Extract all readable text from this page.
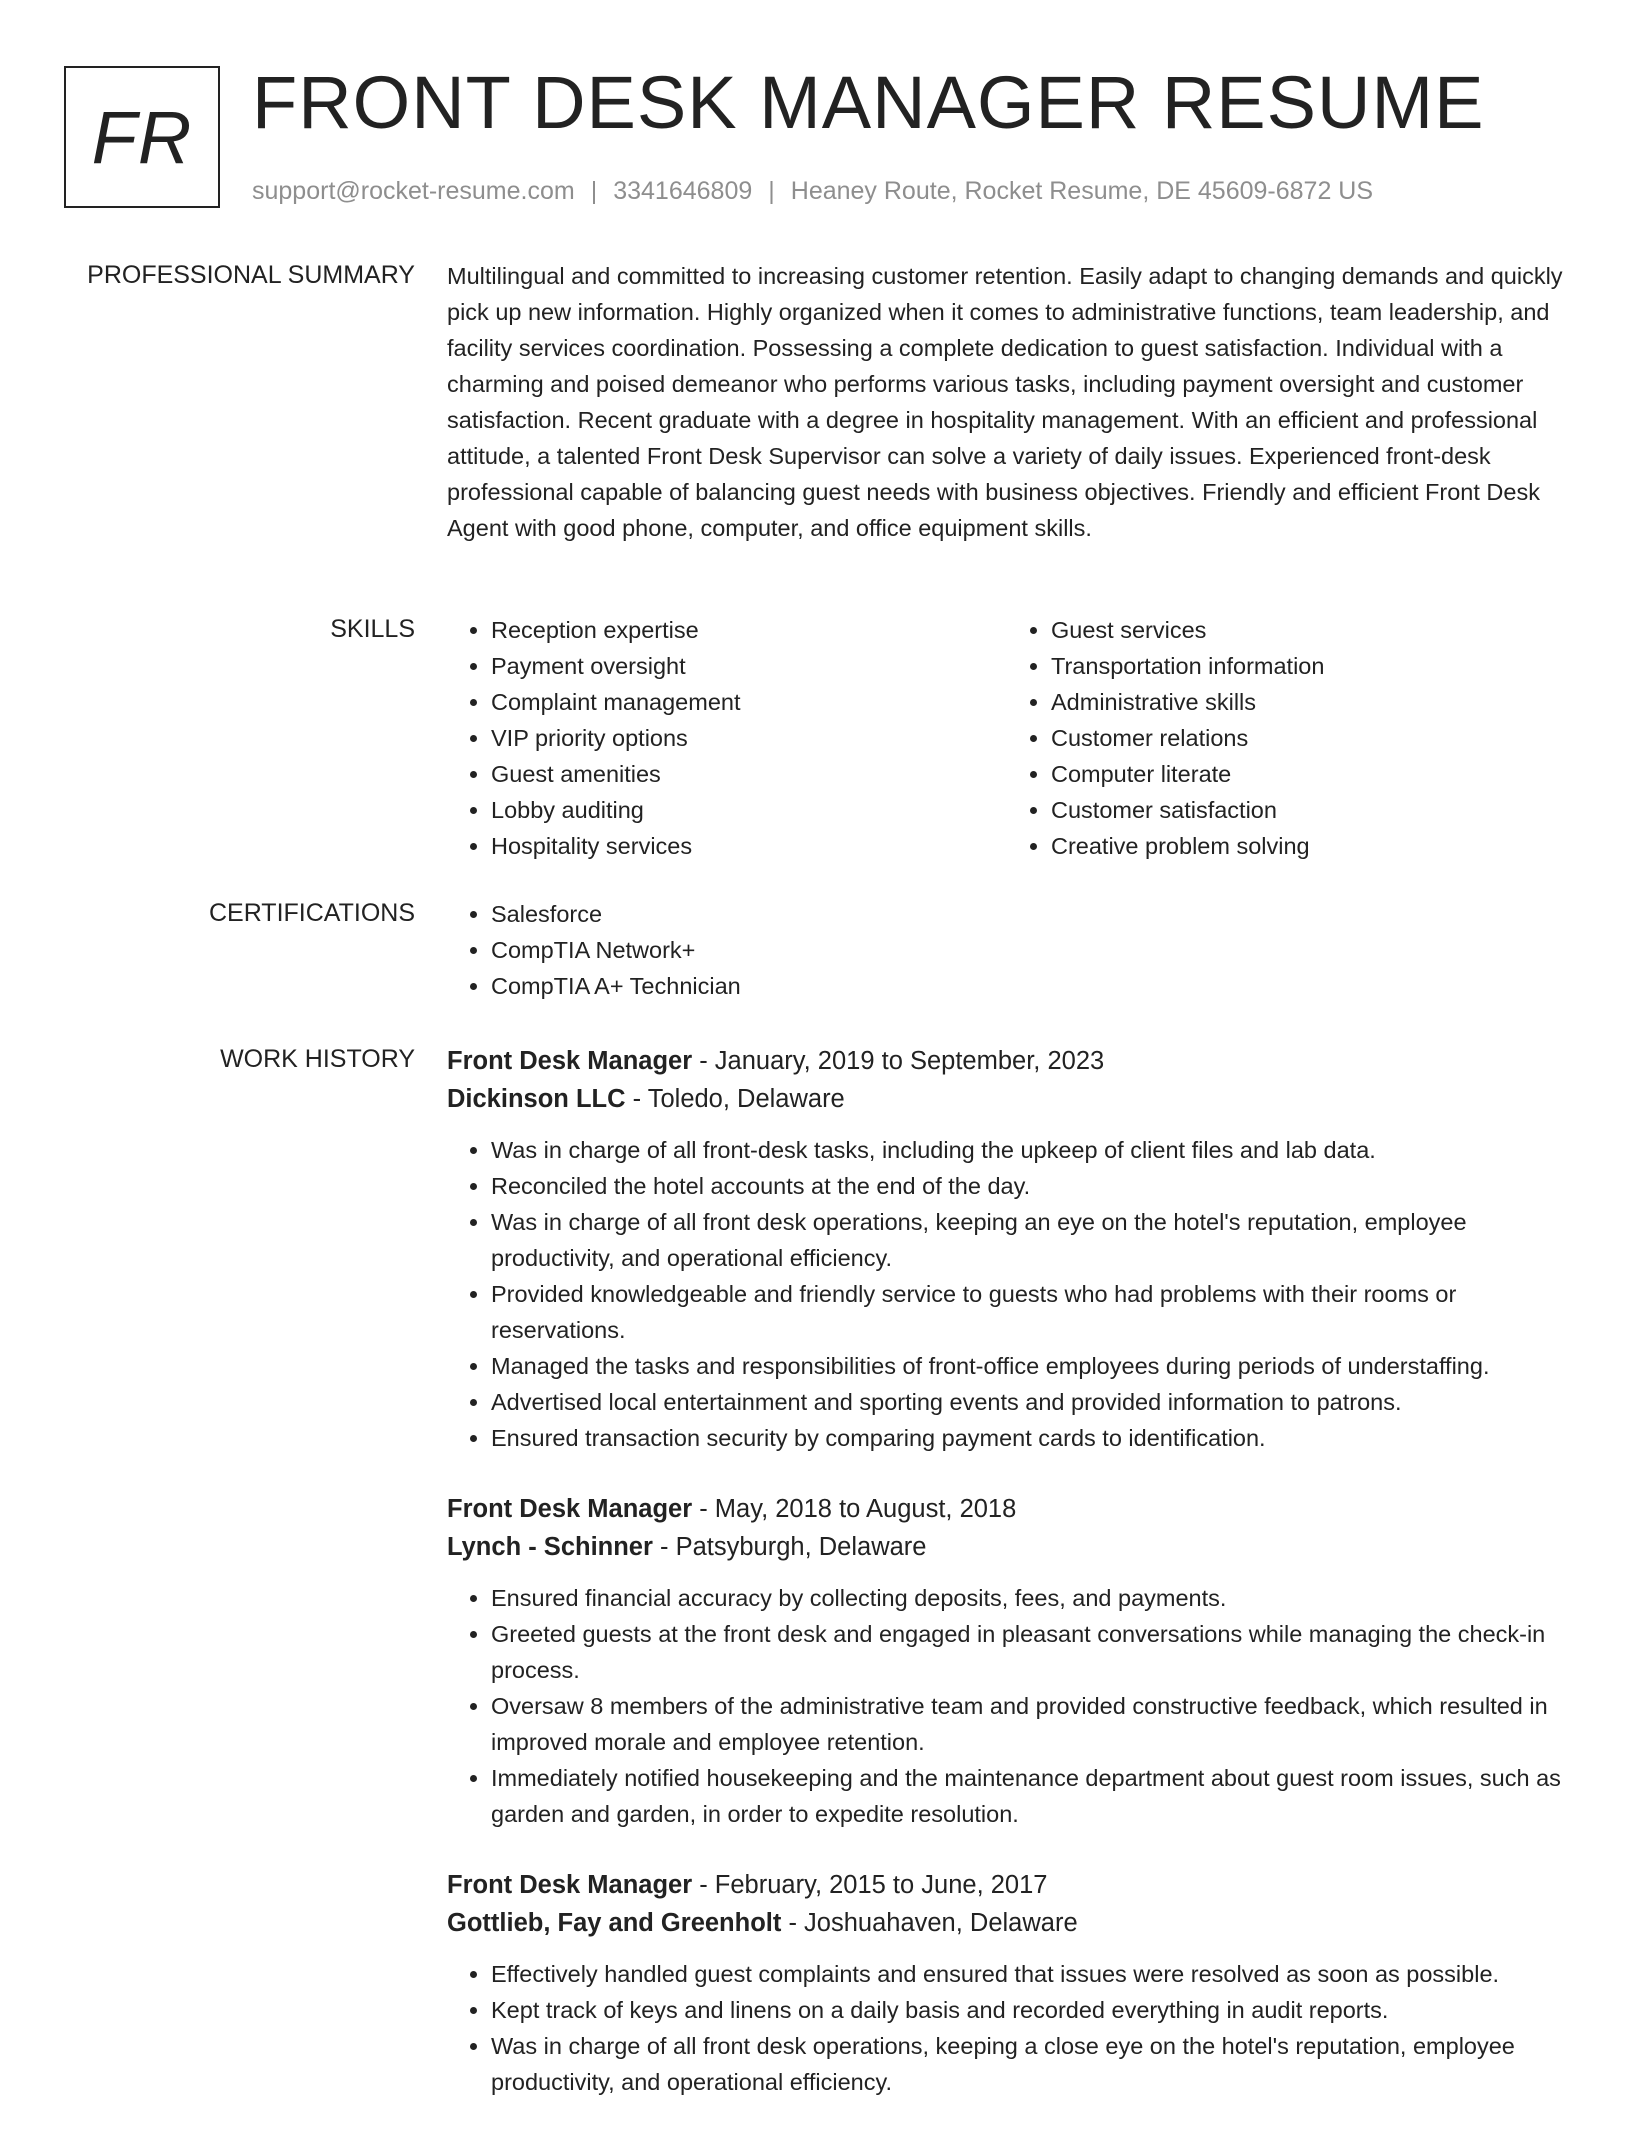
FR FRONT DESK MANAGER RESUME
support@rocket-resume.com | 3341646809 | Heaney Route, Rocket Resume, DE 45609-6872 US
PROFESSIONAL SUMMARY Multilingual and committed to increasing customer retention. Easily adapt to changing demands and quickly pick up new information. Highly organized when it comes to administrative functions, team leadership, and facility services coordination. Possessing a complete dedication to guest satisfaction. Individual with a charming and poised demeanor who performs various tasks, including payment oversight and customer satisfaction. Recent graduate with a degree in hospitality management. With an efficient and professional attitude, a talented Front Desk Supervisor can solve a variety of daily issues. Experienced front-desk professional capable of balancing guest needs with business objectives. Friendly and efficient Front Desk Agent with good phone, computer, and office equipment skills.

SKILLS	• Reception expertise
• Payment oversight
• Complaint management
• VIP priority options
• Guest amenities
• Lobby auditing
• Hospitality services
• Guest services
• Transportation information
• Administrative skills
• Customer relations
• Computer literate
• Customer satisfaction
• Creative problem solving
CERTIFICATIONS	• Salesforce
• CompTIA Network+
• CompTIA A+ Technician
WORK HISTORY Front Desk Manager - January, 2019 to September, 2023
Dickinson LLC - Toledo, Delaware
• Was in charge of all front-desk tasks, including the upkeep of client files and lab data.
• Reconciled the hotel accounts at the end of the day.
• Was in charge of all front desk operations, keeping an eye on the hotel's reputation, employee productivity, and operational efficiency.
• Provided knowledgeable and friendly service to guests who had problems with their rooms or reservations.
• Managed the tasks and responsibilities of front-office employees during periods of understaffing.
• Advertised local entertainment and sporting events and provided information to patrons.
• Ensured transaction security by comparing payment cards to identification.
Front Desk Manager - May, 2018 to August, 2018
Lynch - Schinner - Patsyburgh, Delaware
• Ensured financial accuracy by collecting deposits, fees, and payments.
• Greeted guests at the front desk and engaged in pleasant conversations while managing the check-in process.
• Oversaw 8 members of the administrative team and provided constructive feedback, which resulted in improved morale and employee retention.
• Immediately notified housekeeping and the maintenance department about guest room issues, such as garden and garden, in order to expedite resolution.
Front Desk Manager - February, 2015 to June, 2017
Gottlieb, Fay and Greenholt - Joshuahaven, Delaware
• Effectively handled guest complaints and ensured that issues were resolved as soon as possible.
• Kept track of keys and linens on a daily basis and recorded everything in audit reports.
• Was in charge of all front desk operations, keeping a close eye on the hotel's reputation, employee productivity, and operational efficiency.
